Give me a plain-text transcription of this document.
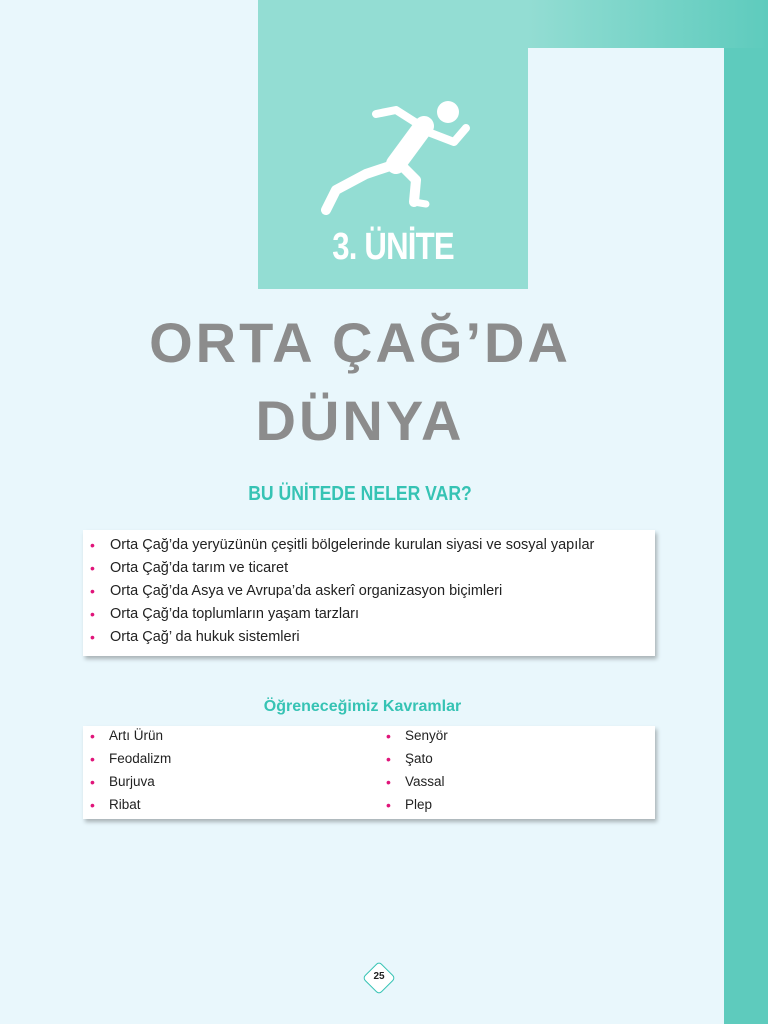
3. ÜNİTE
ORTA ÇAĞ’DA
DÜNYA
BU ÜNİTEDE NELER VAR?
• Orta Çağ’da yeryüzünün çeşitli bölgelerinde kurulan siyasi ve sosyal yapılar
• Orta Çağ’da tarım ve ticaret
• Orta Çağ’da Asya ve Avrupa’da askerî organizasyon biçimleri
• Orta Çağ’da toplumların yaşam tarzları
• Orta Çağ’ da hukuk sistemleri
Öğreneceğimiz Kavramlar
• Artı Ürün
• Feodalizm
• Burjuva
• Ribat
• Senyör
• Şato
• Vassal
• Plep
25
